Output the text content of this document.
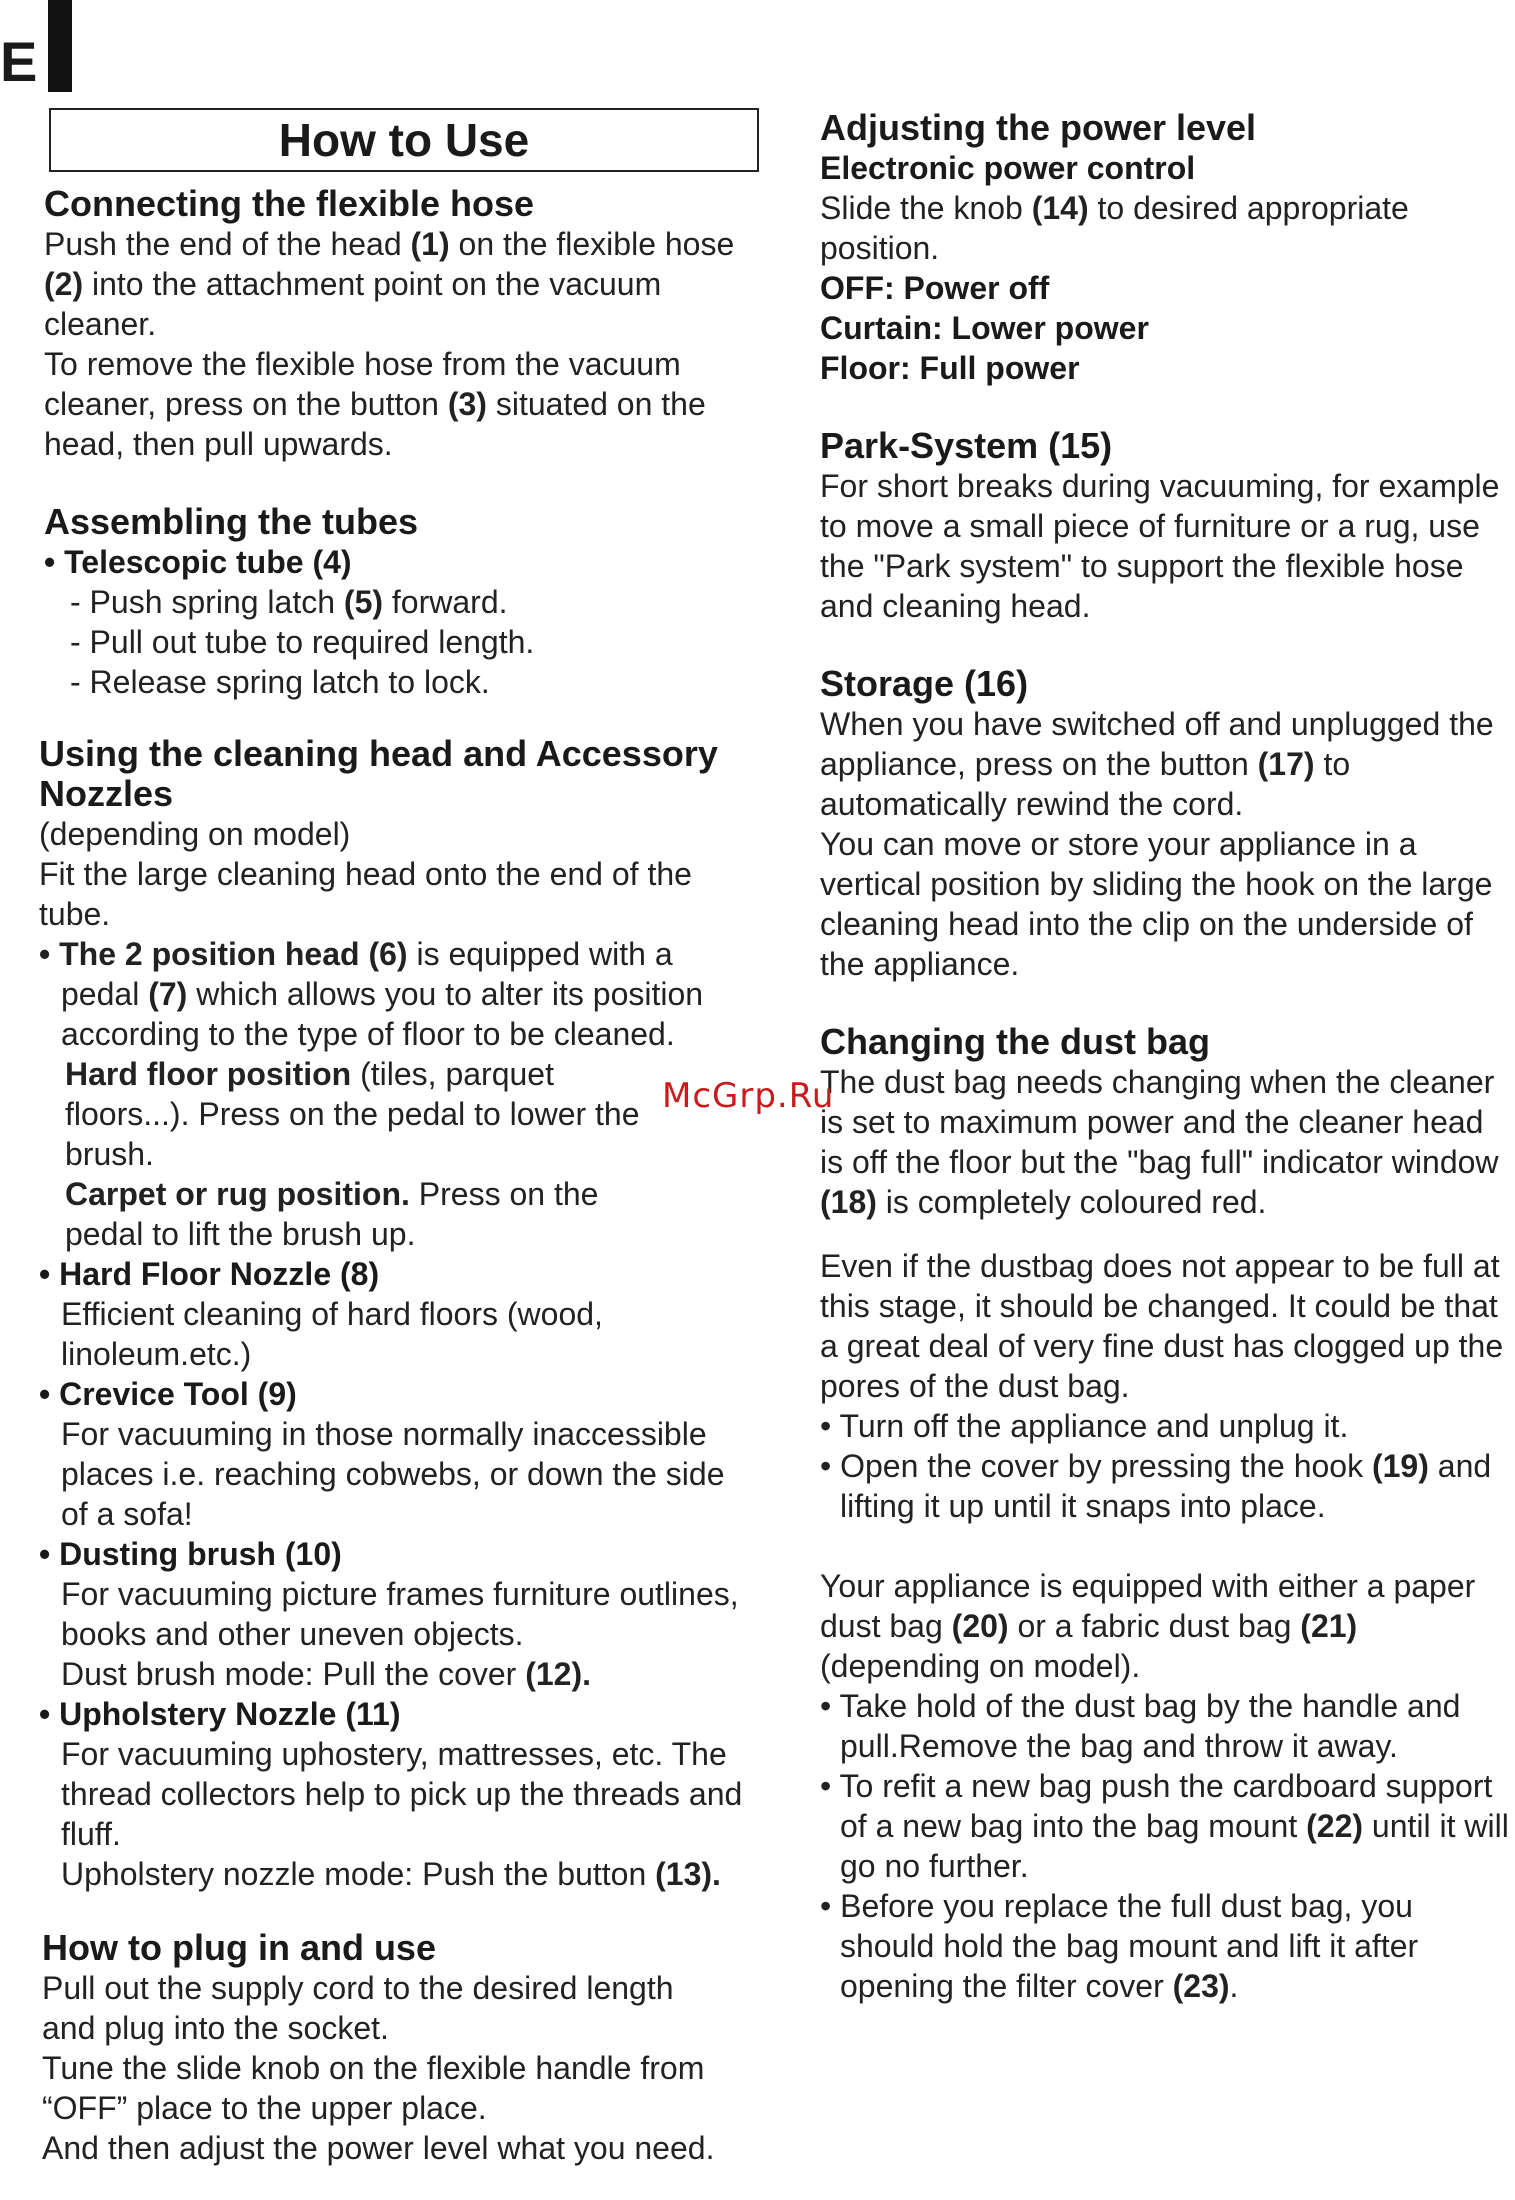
E
How to Use
Connecting the flexible hose
Push the end of the head (1) on the flexible hose
(2) into the attachment point on the vacuum
cleaner.
To remove the flexible hose from the vacuum
cleaner, press on the button (3) situated on the
head, then pull upwards.
Assembling the tubes
• Telescopic tube (4)
- Push spring latch (5) forward.
- Pull out tube to required length.
- Release spring latch to lock.
Using the cleaning head and Accessory
Nozzles
(depending on model)
Fit the large cleaning head onto the end of the
tube.
• The 2 position head (6) is equipped with a
pedal (7) which allows you to alter its position
according to the type of floor to be cleaned.
Hard floor position (tiles, parquet
floors...). Press on the pedal to lower the
brush.
Carpet or rug position. Press on the
pedal to lift the brush up.
• Hard Floor Nozzle (8)
Efficient cleaning of hard floors (wood,
linoleum.etc.)
• Crevice Tool (9)
For vacuuming in those normally inaccessible
places i.e. reaching cobwebs, or down the side
of a sofa!
• Dusting brush (10)
For vacuuming picture frames furniture outlines,
books and other uneven objects.
Dust brush mode: Pull the cover (12).
• Upholstery Nozzle (11)
For vacuuming uphostery, mattresses, etc. The
thread collectors help to pick up the threads and
fluff.
Upholstery nozzle mode: Push the button (13).
How to plug in and use
Pull out the supply cord to the desired length
and plug into the socket.
Tune the slide knob on the flexible handle from
“OFF” place to the upper place.
And then adjust the power level what you need.
Adjusting the power level
Electronic power control
Slide the knob (14) to desired appropriate
position.
OFF: Power off
Curtain: Lower power
Floor: Full power
Park-System (15)
For short breaks during vacuuming, for example
to move a small piece of furniture or a rug, use
the "Park system" to support the flexible hose
and cleaning head.
Storage (16)
When you have switched off and unplugged the
appliance, press on the button (17) to
automatically rewind the cord.
You can move or store your appliance in a
vertical position by sliding the hook on the large
cleaning head into the clip on the underside of
the appliance.
Changing the dust bag
The dust bag needs changing when the cleaner
is set to maximum power and the cleaner head
is off the floor but the "bag full" indicator window
(18) is completely coloured red.
Even if the dustbag does not appear to be full at
this stage, it should be changed. It could be that
a great deal of very fine dust has clogged up the
pores of the dust bag.
• Turn off the appliance and unplug it.
• Open the cover by pressing the hook (19) and
lifting it up until it snaps into place.
Your appliance is equipped with either a paper
dust bag (20) or a fabric dust bag (21)
(depending on model).
• Take hold of the dust bag by the handle and
pull.Remove the bag and throw it away.
• To refit a new bag push the cardboard support
of a new bag into the bag mount (22) until it will
go no further.
• Before you replace the full dust bag, you
should hold the bag mount and lift it after
opening the filter cover (23).
McGrp.Ru
